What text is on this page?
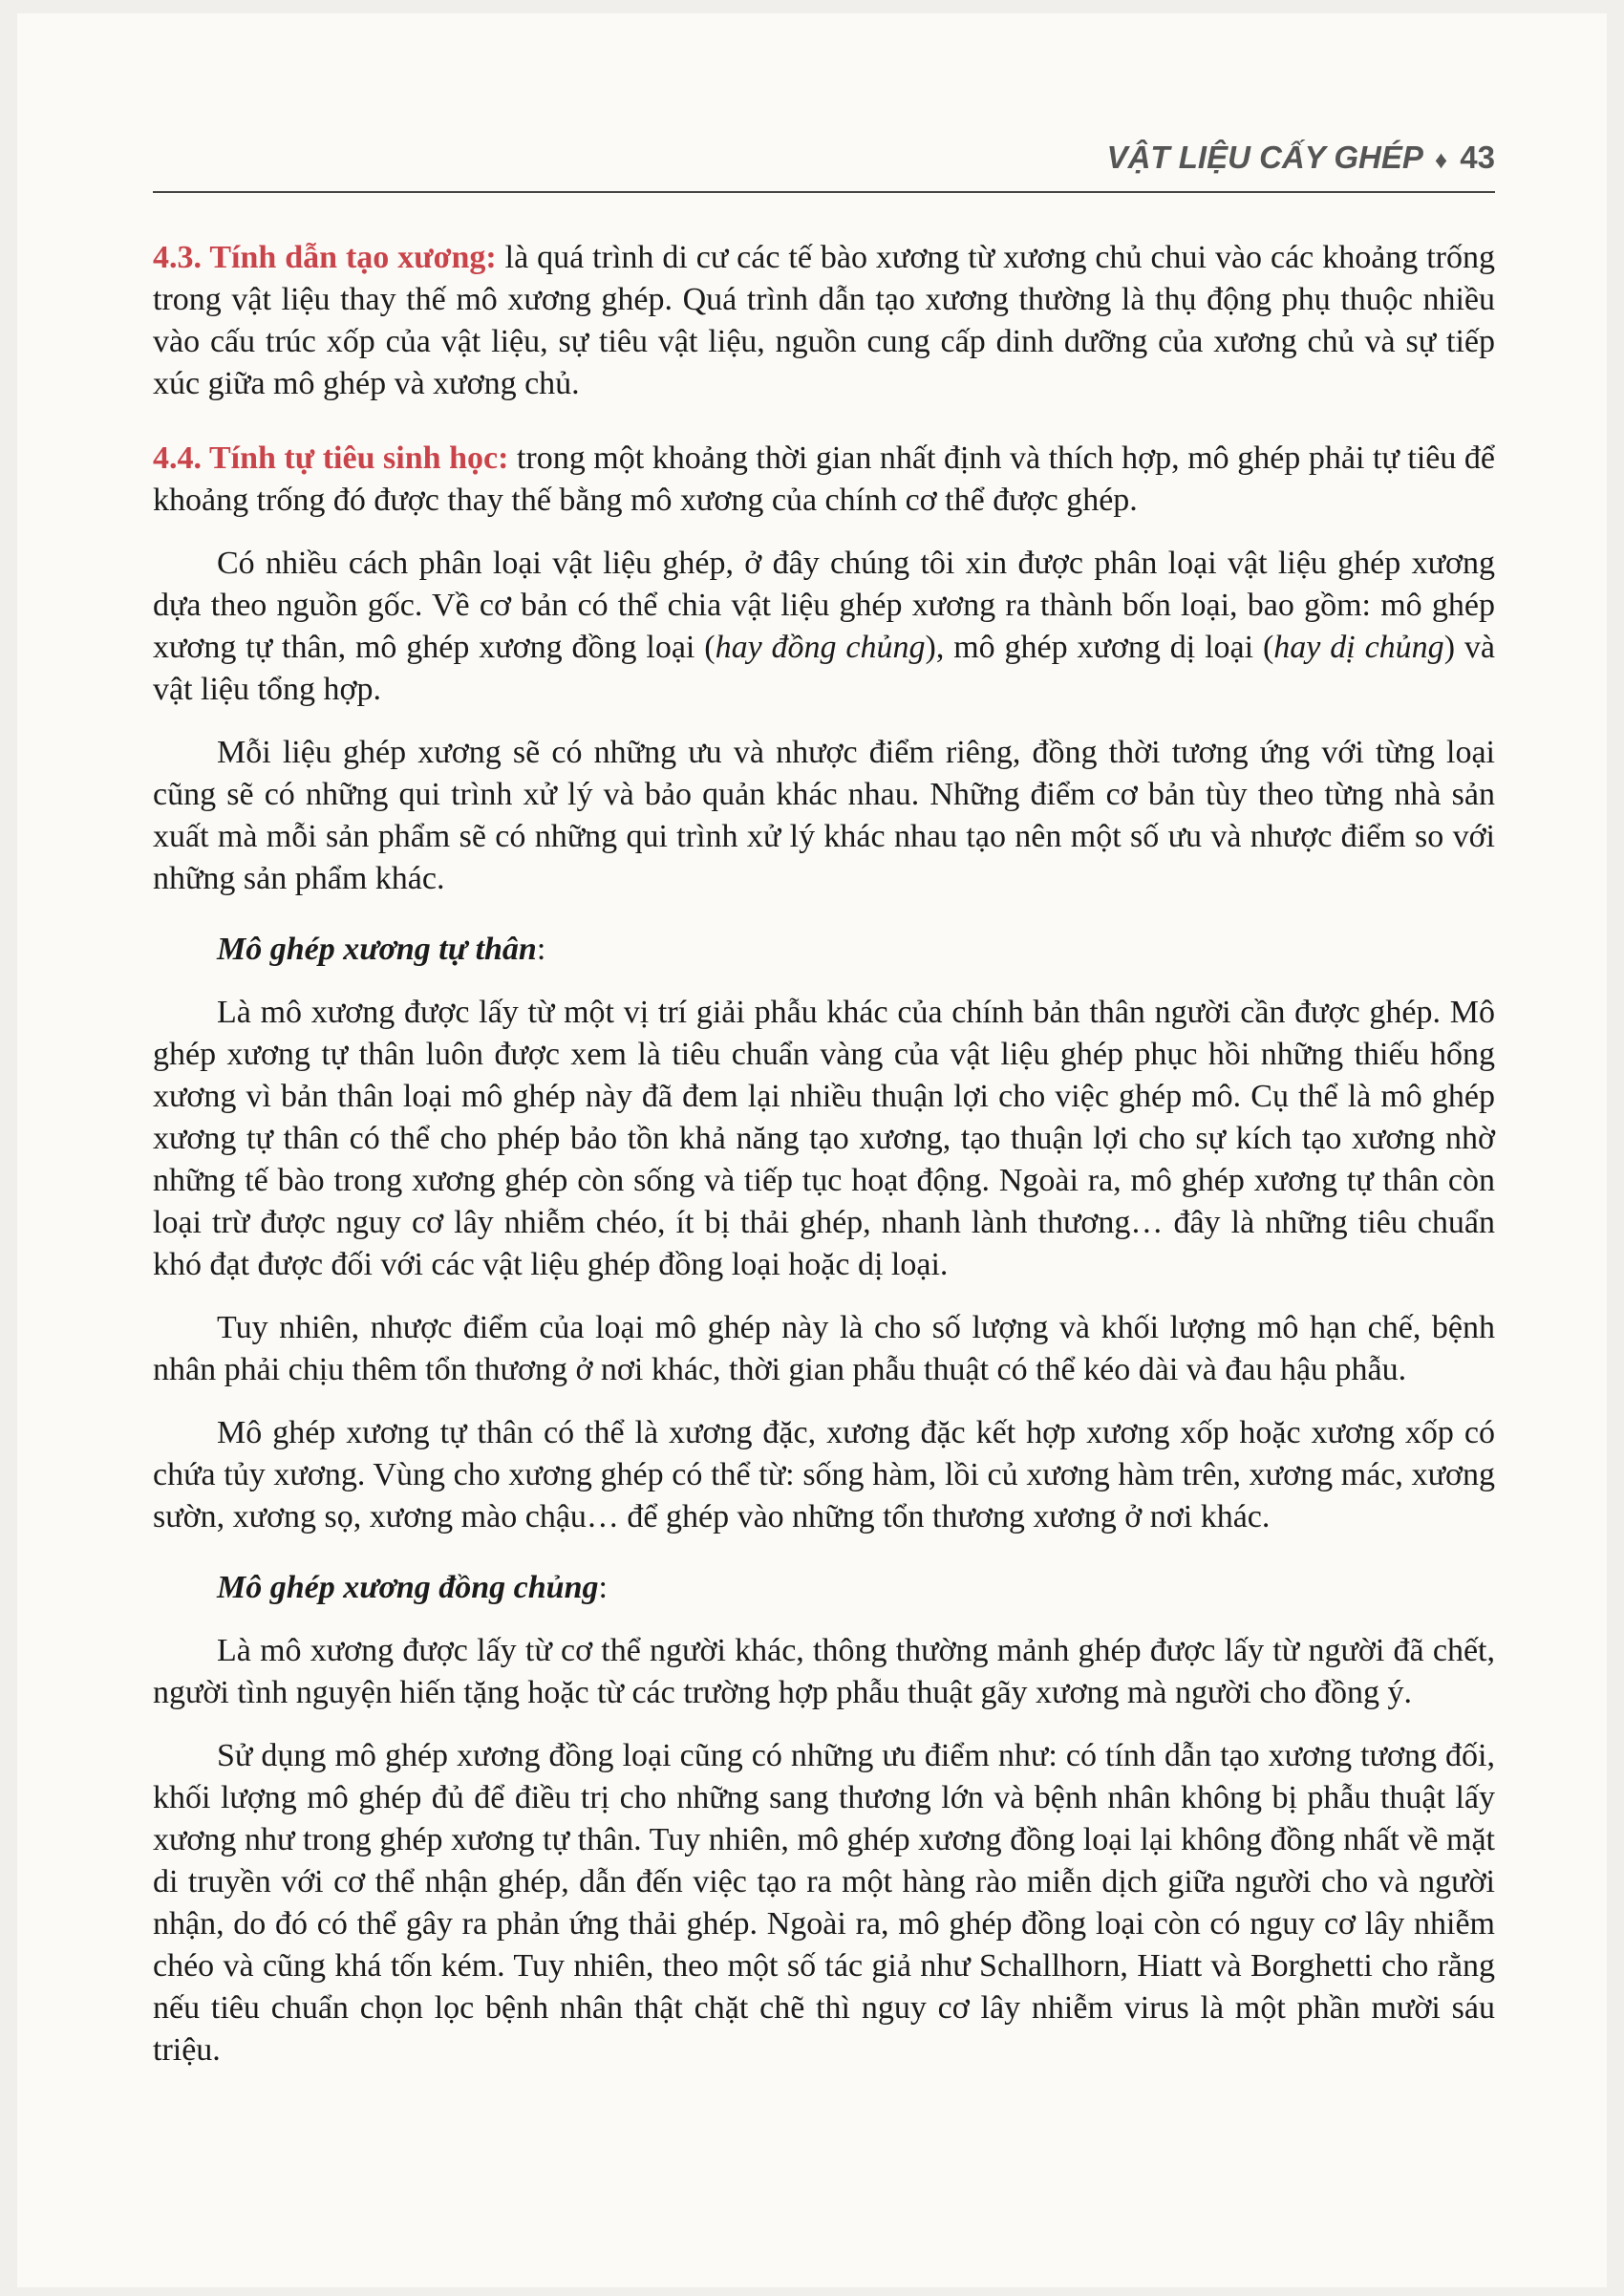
VẬT LIỆU CẤY GHÉP ♦ 43

4.3. Tính dẫn tạo xương: là quá trình di cư các tế bào xương từ xương chủ chui vào các khoảng trống trong vật liệu thay thế mô xương ghép. Quá trình dẫn tạo xương thường là thụ động phụ thuộc nhiều vào cấu trúc xốp của vật liệu, sự tiêu vật liệu, nguồn cung cấp dinh dưỡng của xương chủ và sự tiếp xúc giữa mô ghép và xương chủ.

4.4. Tính tự tiêu sinh học: trong một khoảng thời gian nhất định và thích hợp, mô ghép phải tự tiêu để khoảng trống đó được thay thế bằng mô xương của chính cơ thể được ghép.

Có nhiều cách phân loại vật liệu ghép, ở đây chúng tôi xin được phân loại vật liệu ghép xương dựa theo nguồn gốc. Về cơ bản có thể chia vật liệu ghép xương ra thành bốn loại, bao gồm: mô ghép xương tự thân, mô ghép xương đồng loại (hay đồng chủng), mô ghép xương dị loại (hay dị chủng) và vật liệu tổng hợp.

Mỗi liệu ghép xương sẽ có những ưu và nhược điểm riêng, đồng thời tương ứng với từng loại cũng sẽ có những qui trình xử lý và bảo quản khác nhau. Những điểm cơ bản tùy theo từng nhà sản xuất mà mỗi sản phẩm sẽ có những qui trình xử lý khác nhau tạo nên một số ưu và nhược điểm so với những sản phẩm khác.

Mô ghép xương tự thân:

Là mô xương được lấy từ một vị trí giải phẫu khác của chính bản thân người cần được ghép. Mô ghép xương tự thân luôn được xem là tiêu chuẩn vàng của vật liệu ghép phục hồi những thiếu hổng xương vì bản thân loại mô ghép này đã đem lại nhiều thuận lợi cho việc ghép mô. Cụ thể là mô ghép xương tự thân có thể cho phép bảo tồn khả năng tạo xương, tạo thuận lợi cho sự kích tạo xương nhờ những tế bào trong xương ghép còn sống và tiếp tục hoạt động. Ngoài ra, mô ghép xương tự thân còn loại trừ được nguy cơ lây nhiễm chéo, ít bị thải ghép, nhanh lành thương… đây là những tiêu chuẩn khó đạt được đối với các vật liệu ghép đồng loại hoặc dị loại.

Tuy nhiên, nhược điểm của loại mô ghép này là cho số lượng và khối lượng mô hạn chế, bệnh nhân phải chịu thêm tổn thương ở nơi khác, thời gian phẫu thuật có thể kéo dài và đau hậu phẫu.

Mô ghép xương tự thân có thể là xương đặc, xương đặc kết hợp xương xốp hoặc xương xốp có chứa tủy xương. Vùng cho xương ghép có thể từ: sống hàm, lồi củ xương hàm trên, xương mác, xương sườn, xương sọ, xương mào chậu… để ghép vào những tổn thương xương ở nơi khác.

Mô ghép xương đồng chủng:

Là mô xương được lấy từ cơ thể người khác, thông thường mảnh ghép được lấy từ người đã chết, người tình nguyện hiến tặng hoặc từ các trường hợp phẫu thuật gãy xương mà người cho đồng ý.

Sử dụng mô ghép xương đồng loại cũng có những ưu điểm như: có tính dẫn tạo xương tương đối, khối lượng mô ghép đủ để điều trị cho những sang thương lớn và bệnh nhân không bị phẫu thuật lấy xương như trong ghép xương tự thân. Tuy nhiên, mô ghép xương đồng loại lại không đồng nhất về mặt di truyền với cơ thể nhận ghép, dẫn đến việc tạo ra một hàng rào miễn dịch giữa người cho và người nhận, do đó có thể gây ra phản ứng thải ghép. Ngoài ra, mô ghép đồng loại còn có nguy cơ lây nhiễm chéo và cũng khá tốn kém. Tuy nhiên, theo một số tác giả như Schallhorn, Hiatt và Borghetti cho rằng nếu tiêu chuẩn chọn lọc bệnh nhân thật chặt chẽ thì nguy cơ lây nhiễm virus là một phần mười sáu triệu.
